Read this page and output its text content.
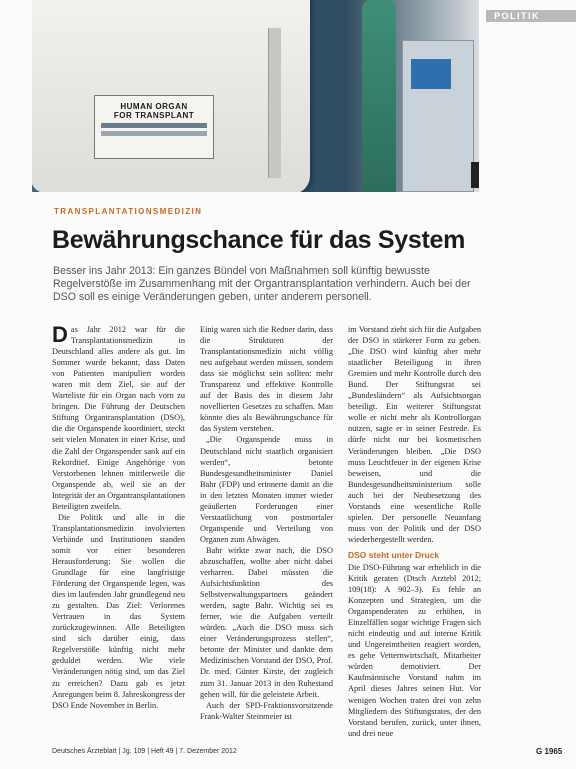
HUMAN ORGAN
FOR TRANSPLANT
POLITIK
TRANSPLANTATIONSMEDIZIN
Bewährungschance für das System
Besser ins Jahr 2013: Ein ganzes Bündel von Maßnahmen soll künftig bewusste Regelverstöße im Zusammenhang mit der Organtransplantation verhindern. Auch bei der DSO soll es einige Veränderungen geben, unter anderem personell.

Das Jahr 2012 war für die Transplantationsmedizin in Deutschland alles andere als gut. Im Sommer wurde bekannt, dass Daten von Patienten manipuliert worden waren mit dem Ziel, sie auf der Warteliste für ein Organ nach vorn zu bringen. Die Führung der Deutschen Stiftung Organtransplantation (DSO), die die Organspende koordiniert, steckt seit vielen Monaten in einer Krise, und die Zahl der Organspender sank auf ein Rekordtief. Einige Angehörige von Verstorbenen lehnen mittlerweile die Organspende ab, weil sie an der Integrität der an Organtransplantationen Beteiligten zweifeln.

Die Politik und alle in die Transplantationsmedizin involvierten Verbände und Institutionen standen somit vor einer besonderen Herausforderung: Sie wollen die Grundlage für eine langfristige Förderung der Organspende legen, was dies im laufenden Jahr grundlegend neu zu gestalten. Das Ziel: Verlorenes Vertrauen in das System zurückzugewinnen. Alle Beteiligten sind sich darüber einig, dass Regelverstöße künftig nicht mehr geduldet werden. Wie viele Veränderungen nötig sind, um das Ziel zu erreichen? Dazu gab es jetzt Anregungen beim 8. Jahreskongress der DSO Ende November in Berlin.

Einig waren sich die Redner darin, dass die Strukturen der Transplantationsmedizin nicht völlig neu aufgebaut werden müssen, sondern dass sie möglichst sein sollten: mehr Transparenz und effektive Kontrolle auf der Basis des in diesem Jahr novellierten Gesetzes zu schaffen. Man könnte dies als Bewährungschance für das System verstehen.

„Die Organspende muss in Deutschland nicht staatlich organisiert werden“, betonte Bundesgesundheitsminister Daniel Bahr (FDP) und erinnerte damit an die in den letzten Monaten immer wieder geäußerten Forderungen einer Verstaatlichung von postmortaler Organspende und Verteilung von Organen zum Abwägen.

Bahr wirkte zwar nach, die DSO abzuschaffen, wollte aber nicht dabei verharren. Dabei müssten die Aufsichtsfunktion des Selbstverwaltungspartners geändert werden, sagte Bahr. Wichtig sei es ferner, wie die Aufgaben verteilt würden. „Auch die DSO muss sich einer Veränderungsprozess stellen“, betonte der Minister und dankte dem Medizinischen Vorstand der DSO, Prof. Dr. med. Günter Kirste, der zugleich zum 31. Januar 2013 in den Ruhestand gehen will, für die geleistete Arbeit.

Auch der SPD-Fraktionsvorsitzende Frank-Walter Steinmeier ist

im Vorstand zieht sich für die Aufgaben der DSO in stärkerer Form zu geben. „Die DSO wird künftig aber mehr staatlicher Beteiligung in ihren Gremien und mehr Kontrolle durch den Bund. Der Stiftungsrat sei „Bundesländern“ als Aufsichtsorgan beteiligt. Ein weiterer Stiftungsrat wolle er nicht mehr als Kontrollorgan nutzen, sagte er in seiner Festrede. Es dürfe nicht nur bei kosmetischen Veränderungen bleiben. „Die DSO muss Leuchtfeuer in der eigenen Krise beweisen, und die Bundesgesundheitsministerium solle auch bei der Neubesetzung des Vorstands eine wesentliche Rolle spielen. Der personelle Neuanfang muss von der Politik und der DSO wiederhergestellt werden.

DSO steht unter Druck

Die DSO-Führung war erheblich in die Kritik geraten (Dtsch Arztebl 2012; 109(18): A 902–3). Es fehle an Konzepten und Strategien, um die Organspenderaten zu erhöhen, in Einzelfällen sogar wichtige Fragen sich nicht eindeutig und auf interne Kritik und Ungereimtheiten reagiert worden, es gebe Vetternwirtschaft, Mitarbeiter würden demotiviert. Der Kaufmännische Vorstand nahm im April dieses Jahres seinen Hut. Vor wenigen Wochen traten drei von zehn Mitgliedern des Stiftungsrates, der den Vorstand berufen, zurück, unter ihnen, und drei neue

Deutsches Ärzteblatt | Jg. 109 | Heft 49 | 7. Dezember 2012	G 1965
